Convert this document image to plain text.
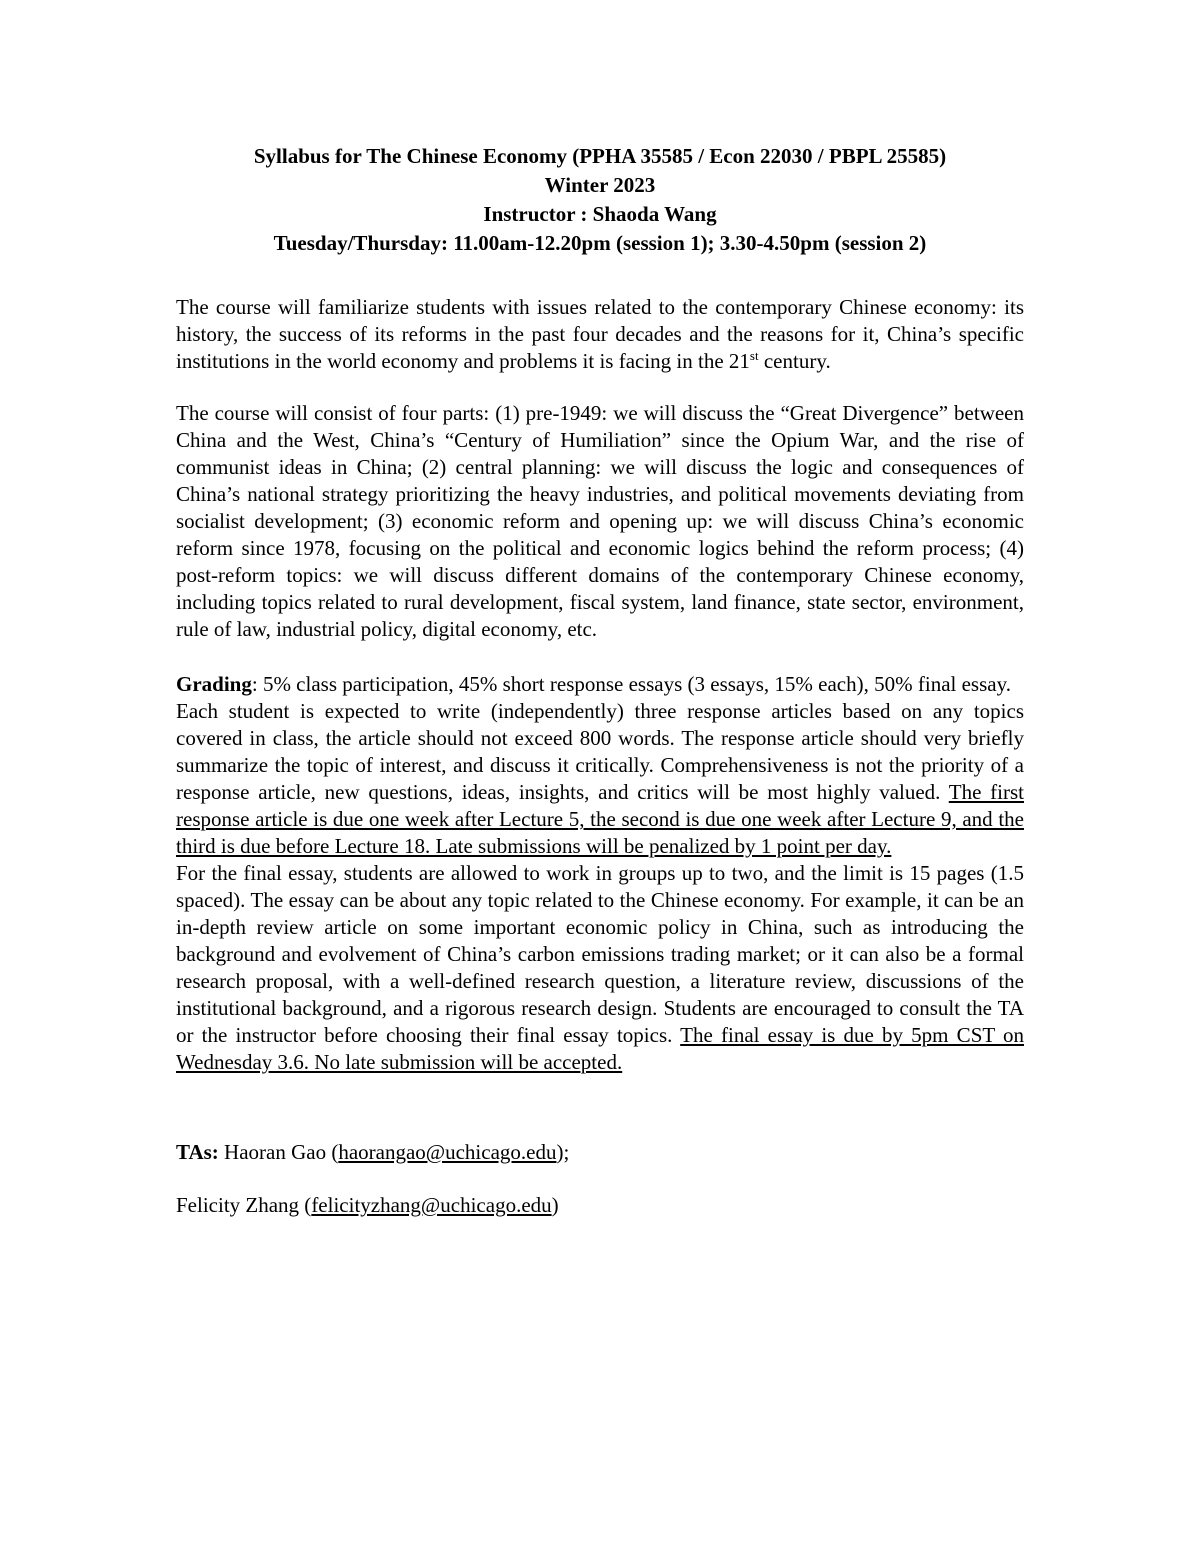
Syllabus for The Chinese Economy (PPHA 35585 / Econ 22030 / PBPL 25585)
Winter 2023
Instructor : Shaoda Wang
Tuesday/Thursday: 11.00am-12.20pm (session 1); 3.30-4.50pm (session 2)
The course will familiarize students with issues related to the contemporary Chinese economy: its history, the success of its reforms in the past four decades and the reasons for it, China’s specific institutions in the world economy and problems it is facing in the 21st century.
The course will consist of four parts: (1) pre-1949: we will discuss the “Great Divergence” between China and the West, China’s “Century of Humiliation” since the Opium War, and the rise of communist ideas in China; (2) central planning: we will discuss the logic and consequences of China’s national strategy prioritizing the heavy industries, and political movements deviating from socialist development; (3) economic reform and opening up: we will discuss China’s economic reform since 1978, focusing on the political and economic logics behind the reform process; (4) post-reform topics: we will discuss different domains of the contemporary Chinese economy, including topics related to rural development, fiscal system, land finance, state sector, environment, rule of law, industrial policy, digital economy, etc.
Grading: 5% class participation, 45% short response essays (3 essays, 15% each), 50% final essay.
Each student is expected to write (independently) three response articles based on any topics covered in class, the article should not exceed 800 words. The response article should very briefly summarize the topic of interest, and discuss it critically. Comprehensiveness is not the priority of a response article, new questions, ideas, insights, and critics will be most highly valued. The first response article is due one week after Lecture 5, the second is due one week after Lecture 9, and the third is due before Lecture 18. Late submissions will be penalized by 1 point per day.
For the final essay, students are allowed to work in groups up to two, and the limit is 15 pages (1.5 spaced). The essay can be about any topic related to the Chinese economy. For example, it can be an in-depth review article on some important economic policy in China, such as introducing the background and evolvement of China’s carbon emissions trading market; or it can also be a formal research proposal, with a well-defined research question, a literature review, discussions of the institutional background, and a rigorous research design. Students are encouraged to consult the TA or the instructor before choosing their final essay topics. The final essay is due by 5pm CST on Wednesday 3.6. No late submission will be accepted.
TAs: Haoran Gao (haorangao@uchicago.edu);
Felicity Zhang (felicityzhang@uchicago.edu)
